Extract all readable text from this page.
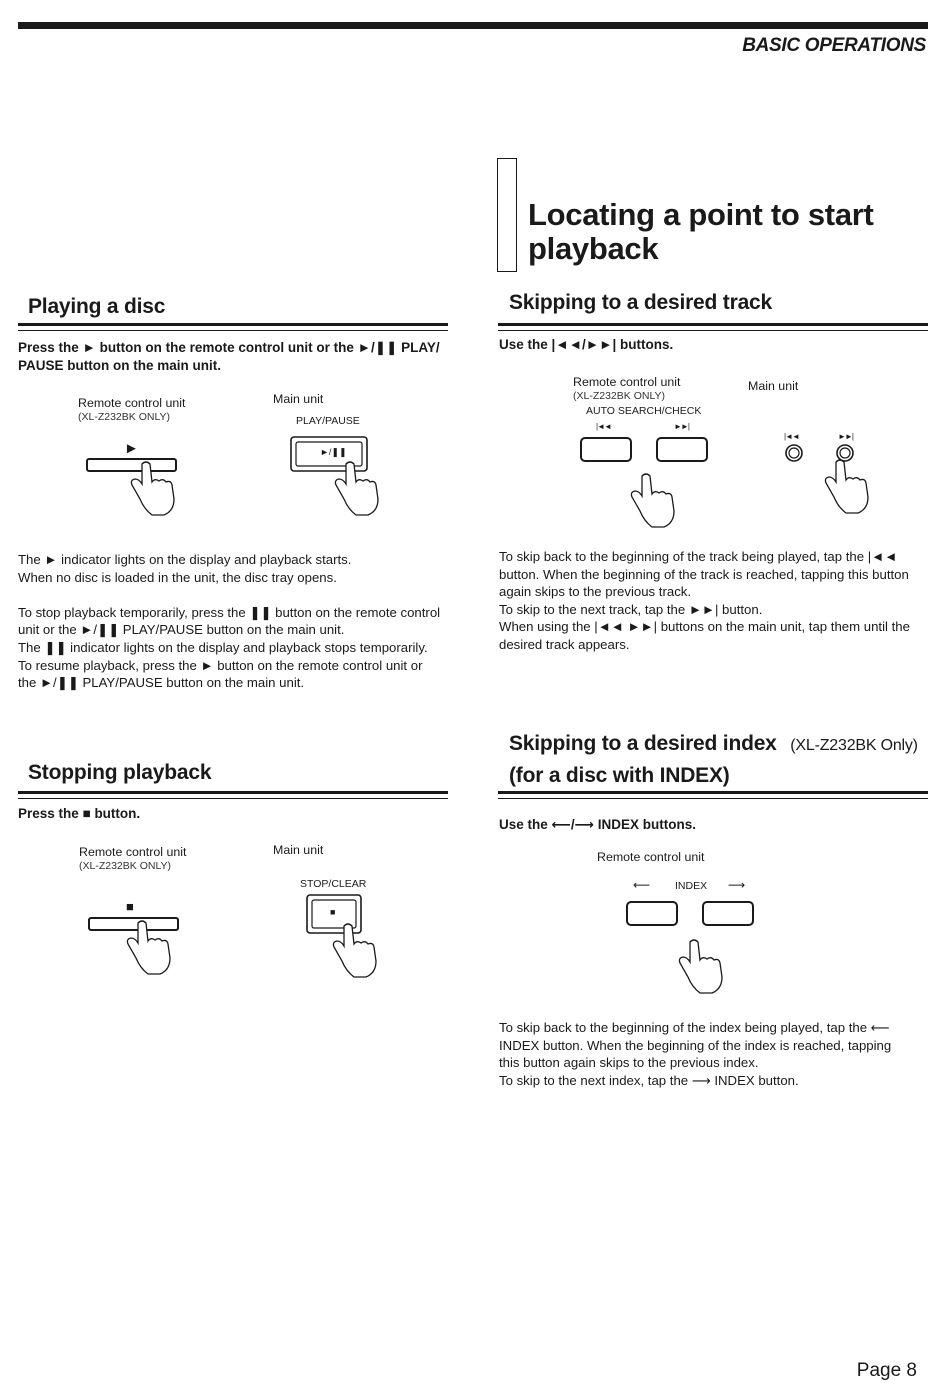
BASIC OPERATIONS
Locating a point to start playback
Playing a disc
Press the ► button on the remote control unit or the ►/❚❚ PLAY/ PAUSE button on the main unit.
Remote control unit
(XL-Z232BK ONLY)
Main unit
PLAY/PAUSE
►	►/❚❚
The ► indicator lights on the display and playback starts.
When no disc is loaded in the unit, the disc tray opens.
To stop playback temporarily, press the ❚❚ button on the remote control
unit or the ►/❚❚ PLAY/PAUSE button on the main unit.
The ❚❚ indicator lights on the display and playback stops temporarily.
To resume playback, press the ► button on the remote control unit or
the ►/❚❚ PLAY/PAUSE button on the main unit.
Stopping playback
Press the ■ button.
Remote control unit
(XL-Z232BK ONLY)
Main unit
STOP/CLEAR
■	■
Skipping to a desired track
Use the |◄◄/►►| buttons.
Remote control unit
(XL-Z232BK ONLY)
AUTO SEARCH/CHECK
Main unit
|◄◄	►►|
|◄◄	►►|
To skip back to the beginning of the track being played, tap the |◄◄
button. When the beginning of the track is reached, tapping this button
again skips to the previous track.
To skip to the next track, tap the ►►| button.
When using the |◄◄ ►►| buttons on the main unit, tap them until the
desired track appears.
Skipping to a desired index (XL-Z232BK Only)
(for a disc with INDEX)
Use the ⟵/⟶ INDEX buttons.
Remote control unit
⟵ INDEX ⟶
To skip back to the beginning of the index being played, tap the ⟵
INDEX button. When the beginning of the index is reached, tapping
this button again skips to the previous index.
To skip to the next index, tap the ⟶ INDEX button.
Page 8
